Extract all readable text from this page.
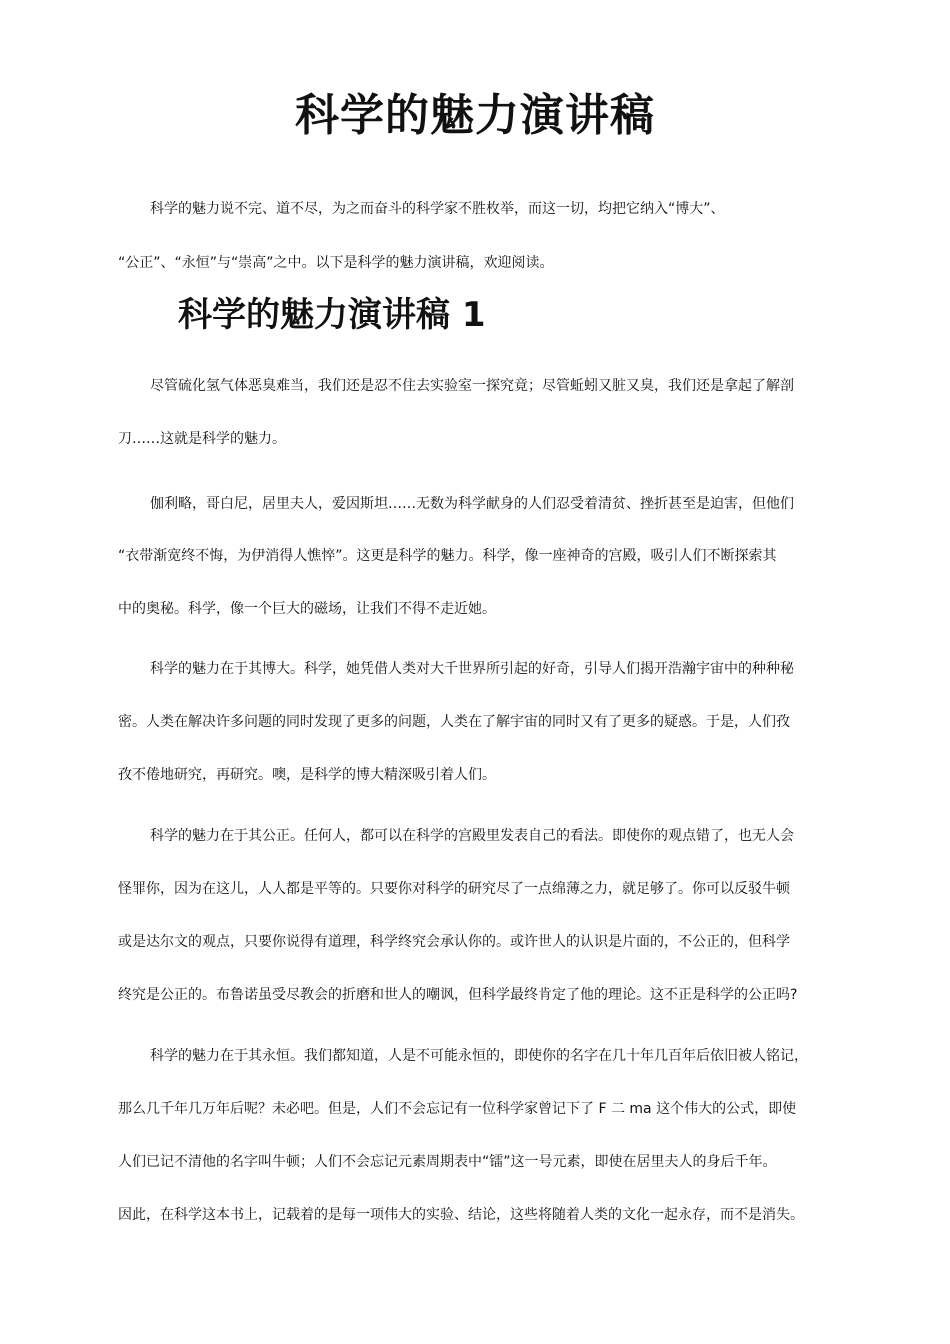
科学的魅力演讲稿
科学的魅力说不完、道不尽，为之而奋斗的科学家不胜枚举，而这一切，均把它纳入“博大”、
“公正”、“永恒”与“崇高”之中。以下是科学的魅力演讲稿，欢迎阅读。
科学的魅力演讲稿 1
尽管硫化氢气体恶臭难当，我们还是忍不住去实验室一探究竟；尽管蚯蚓又脏又臭，我们还是拿起了解剖
刀……这就是科学的魅力。
伽利略，哥白尼，居里夫人，爱因斯坦……无数为科学献身的人们忍受着清贫、挫折甚至是迫害，但他们
“衣带渐宽终不悔，为伊消得人憔悴”。这更是科学的魅力。科学，像一座神奇的宫殿，吸引人们不断探索其
中的奥秘。科学，像一个巨大的磁场，让我们不得不走近她。
科学的魅力在于其博大。科学，她凭借人类对大千世界所引起的好奇，引导人们揭开浩瀚宇宙中的种种秘
密。人类在解决许多问题的同时发现了更多的问题，人类在了解宇宙的同时又有了更多的疑惑。于是，人们孜
孜不倦地研究，再研究。噢，是科学的博大精深吸引着人们。
科学的魅力在于其公正。任何人，都可以在科学的宫殿里发表自己的看法。即使你的观点错了，也无人会
怪罪你，因为在这儿，人人都是平等的。只要你对科学的研究尽了一点绵薄之力，就足够了。你可以反驳牛顿
或是达尔文的观点，只要你说得有道理，科学终究会承认你的。或许世人的认识是片面的，不公正的，但科学
终究是公正的。布鲁诺虽受尽教会的折磨和世人的嘲讽，但科学最终肯定了他的理论。这不正是科学的公正吗?
科学的魅力在于其永恒。我们都知道，人是不可能永恒的，即使你的名字在几十年几百年后依旧被人铭记，
那么几千年几万年后呢？未必吧。但是，人们不会忘记有一位科学家曾记下了 F 二 ma 这个伟大的公式，即使
人们已记不清他的名字叫牛顿；人们不会忘记元素周期表中“镭”这一号元素，即使在居里夫人的身后千年。
因此，在科学这本书上，记载着的是每一项伟大的实验、结论，这些将随着人类的文化一起永存，而不是消失。
